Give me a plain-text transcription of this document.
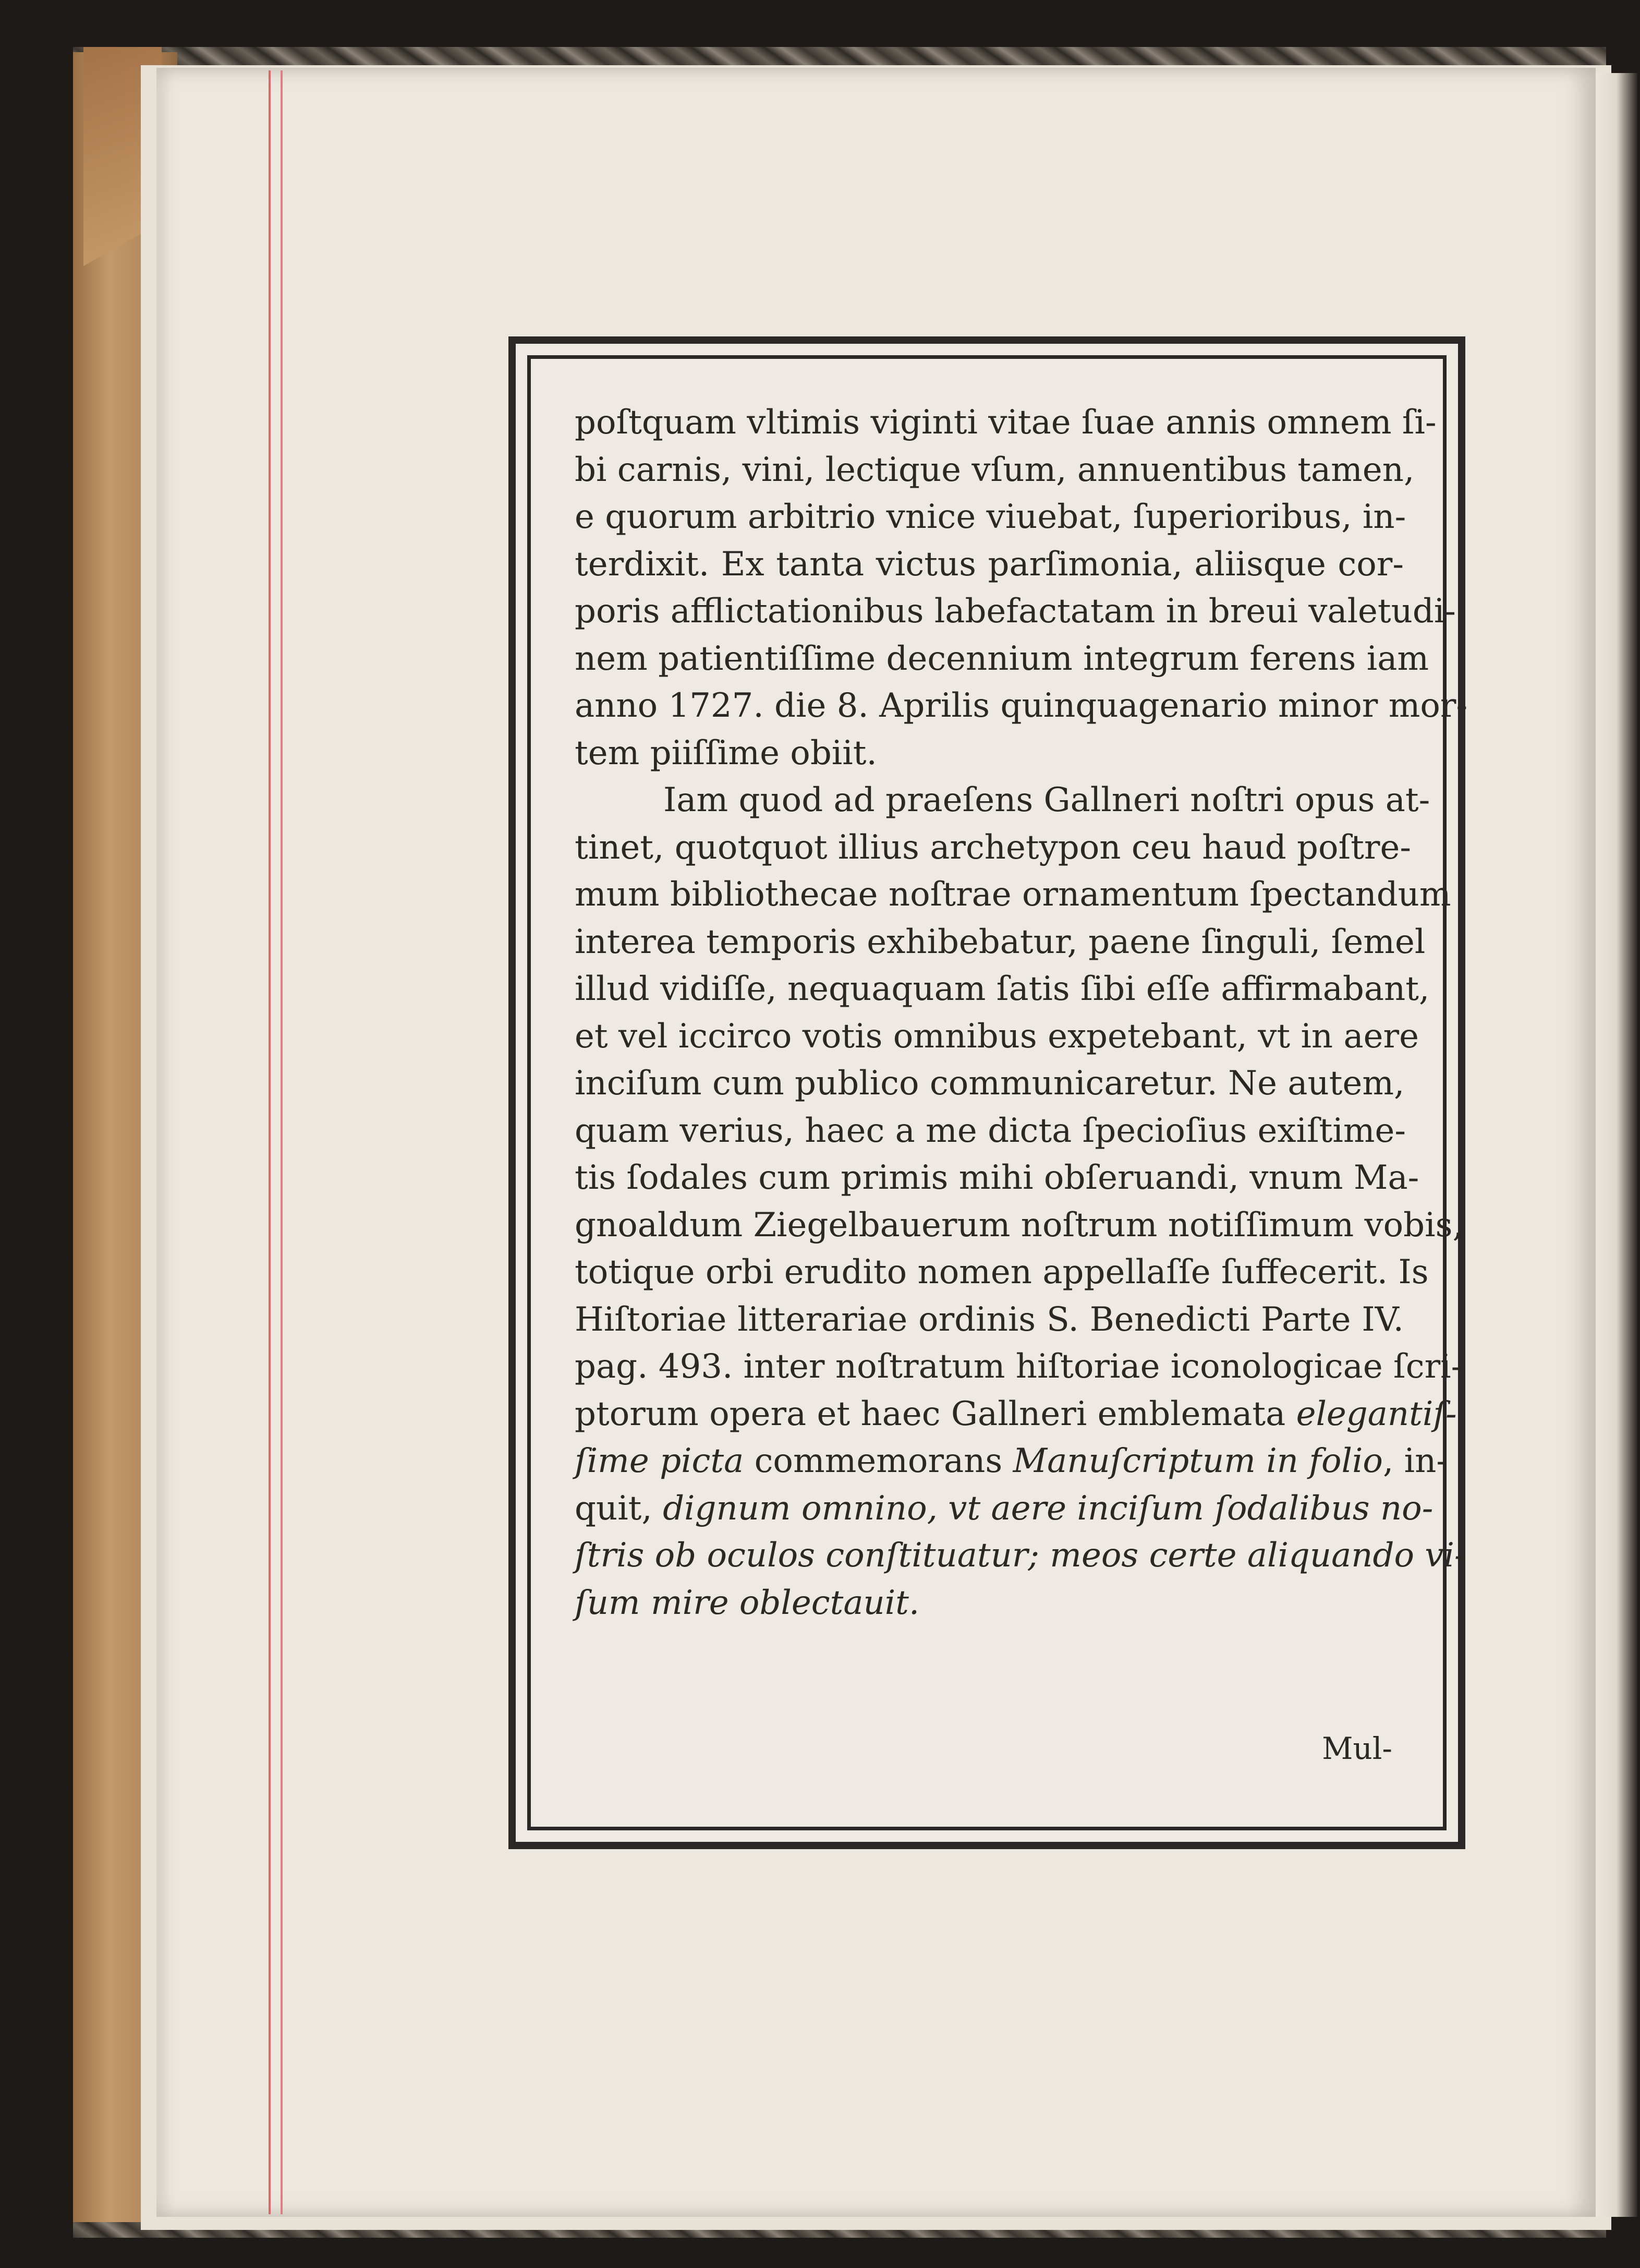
poſtquam vltimis viginti vitae ſuae annis omnem ſi-
bi carnis, vini, lectique vſum, annuentibus tamen,
e quorum arbitrio vnice viuebat, ſuperioribus, in-
terdixit. Ex tanta victus parſimonia, aliisque cor-
poris afflictationibus labefactatam in breui valetudi-
nem patientiſſime decennium integrum ferens iam
anno 1727. die 8. Aprilis quinquagenario minor mor-
tem piiſſime obiit.
Iam quod ad praeſens Gallneri noſtri opus at-
tinet, quotquot illius archetypon ceu haud poſtre-
mum bibliothecae noſtrae ornamentum ſpectandum
interea temporis exhibebatur, paene ſinguli, ſemel
illud vidiſſe, nequaquam ſatis ſibi eſſe affirmabant,
et vel iccirco votis omnibus expetebant, vt in aere
inciſum cum publico communicaretur. Ne autem,
quam verius, haec a me dicta ſpecioſius exiſtime-
tis ſodales cum primis mihi obſeruandi, vnum Ma-
gnoaldum Ziegelbauerum noſtrum notiſſimum vobis,
totique orbi erudito nomen appellaſſe ſuffecerit. Is
Hiſtoriae litterariae ordinis S. Benedicti Parte IV.
pag. 493. inter noſtratum hiſtoriae iconologicae ſcri-
ptorum opera et haec Gallneri emblemata elegantiſ-
ſime picta commemorans Manuſcriptum in folio, in-
quit, dignum omnino, vt aere inciſum ſodalibus no-
ſtris ob oculos conſtituatur; meos certe aliquando vi-
ſum mire oblectauit.
Mul-
